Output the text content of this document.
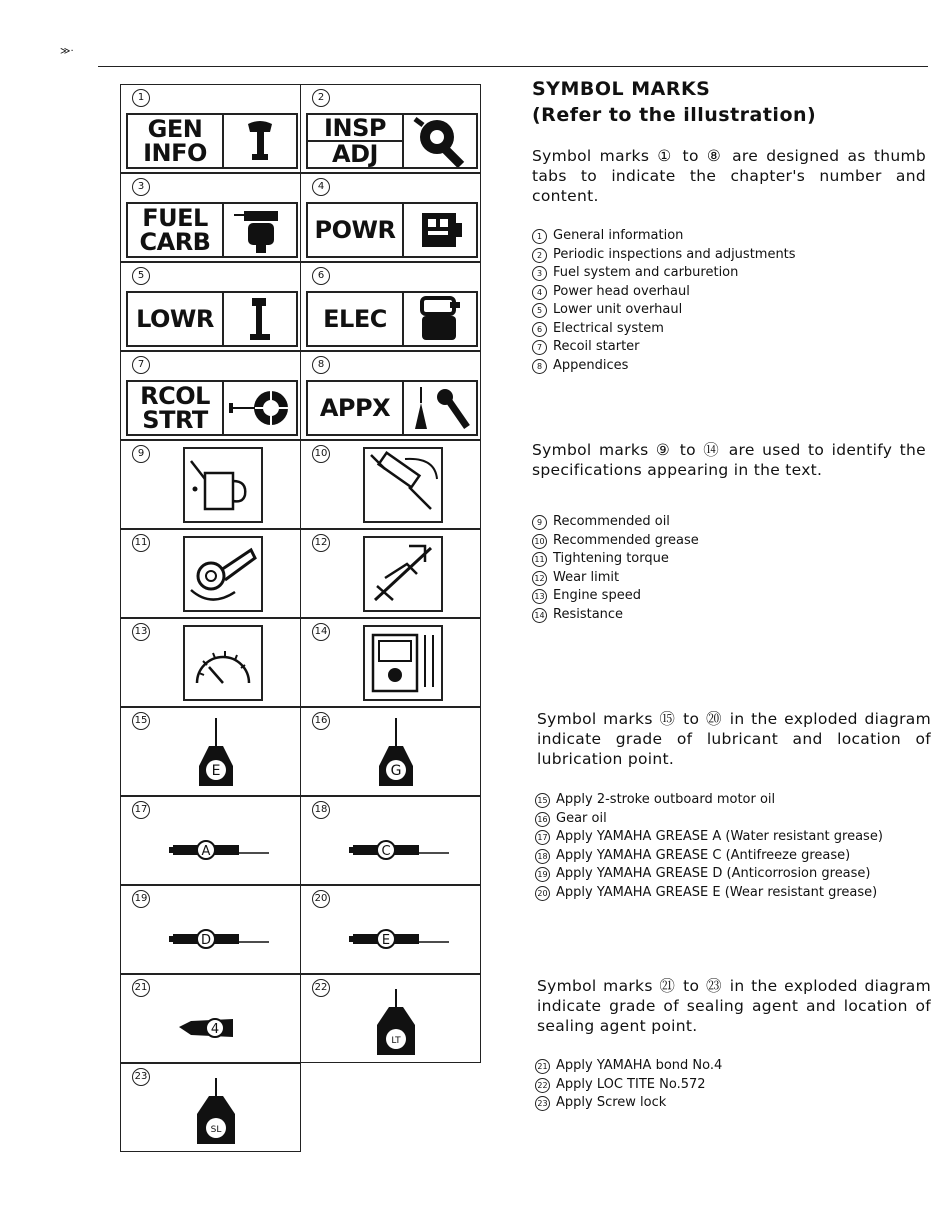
≫·
1
GEN
INFO
2
INSP
ADJ
3
FUEL
CARB
4
POWR
5
LOWR
6
ELEC
7
RCOL
STRT
8
APPX
9	10
11	12
13	14
15
E
16
G
17
A
18
C
19
D
20
E
21
4
22
LT
23
SL
SYMBOL MARKS
(Refer to the illustration)
Symbol marks ① to ⑧ are designed as thumb tabs to indicate the chapter's number and content.
1 General information
2 Periodic inspections and adjustments
3 Fuel system and carburetion
4 Power head overhaul
5 Lower unit overhaul
6 Electrical system
7 Recoil starter
8 Appendices
Symbol marks ⑨ to ⑭ are used to identify the specifications appearing in the text.
9 Recommended oil
10 Recommended grease
11 Tightening torque
12 Wear limit
13 Engine speed
14 Resistance
Symbol marks ⑮ to ⑳ in the exploded diagram indicate grade of lubricant and location of lubrication point.
15 Apply 2-stroke outboard motor oil
16 Gear oil
17 Apply YAMAHA GREASE A (Water resistant grease)
18 Apply YAMAHA GREASE C (Antifreeze grease)
19 Apply YAMAHA GREASE D (Anticorrosion grease)
20 Apply YAMAHA GREASE E (Wear resistant grease)
Symbol marks ㉑ to ㉓ in the exploded diagram indicate grade of sealing agent and location of sealing agent point.
21 Apply YAMAHA bond No.4
22 Apply LOC TITE No.572
23 Apply Screw lock
